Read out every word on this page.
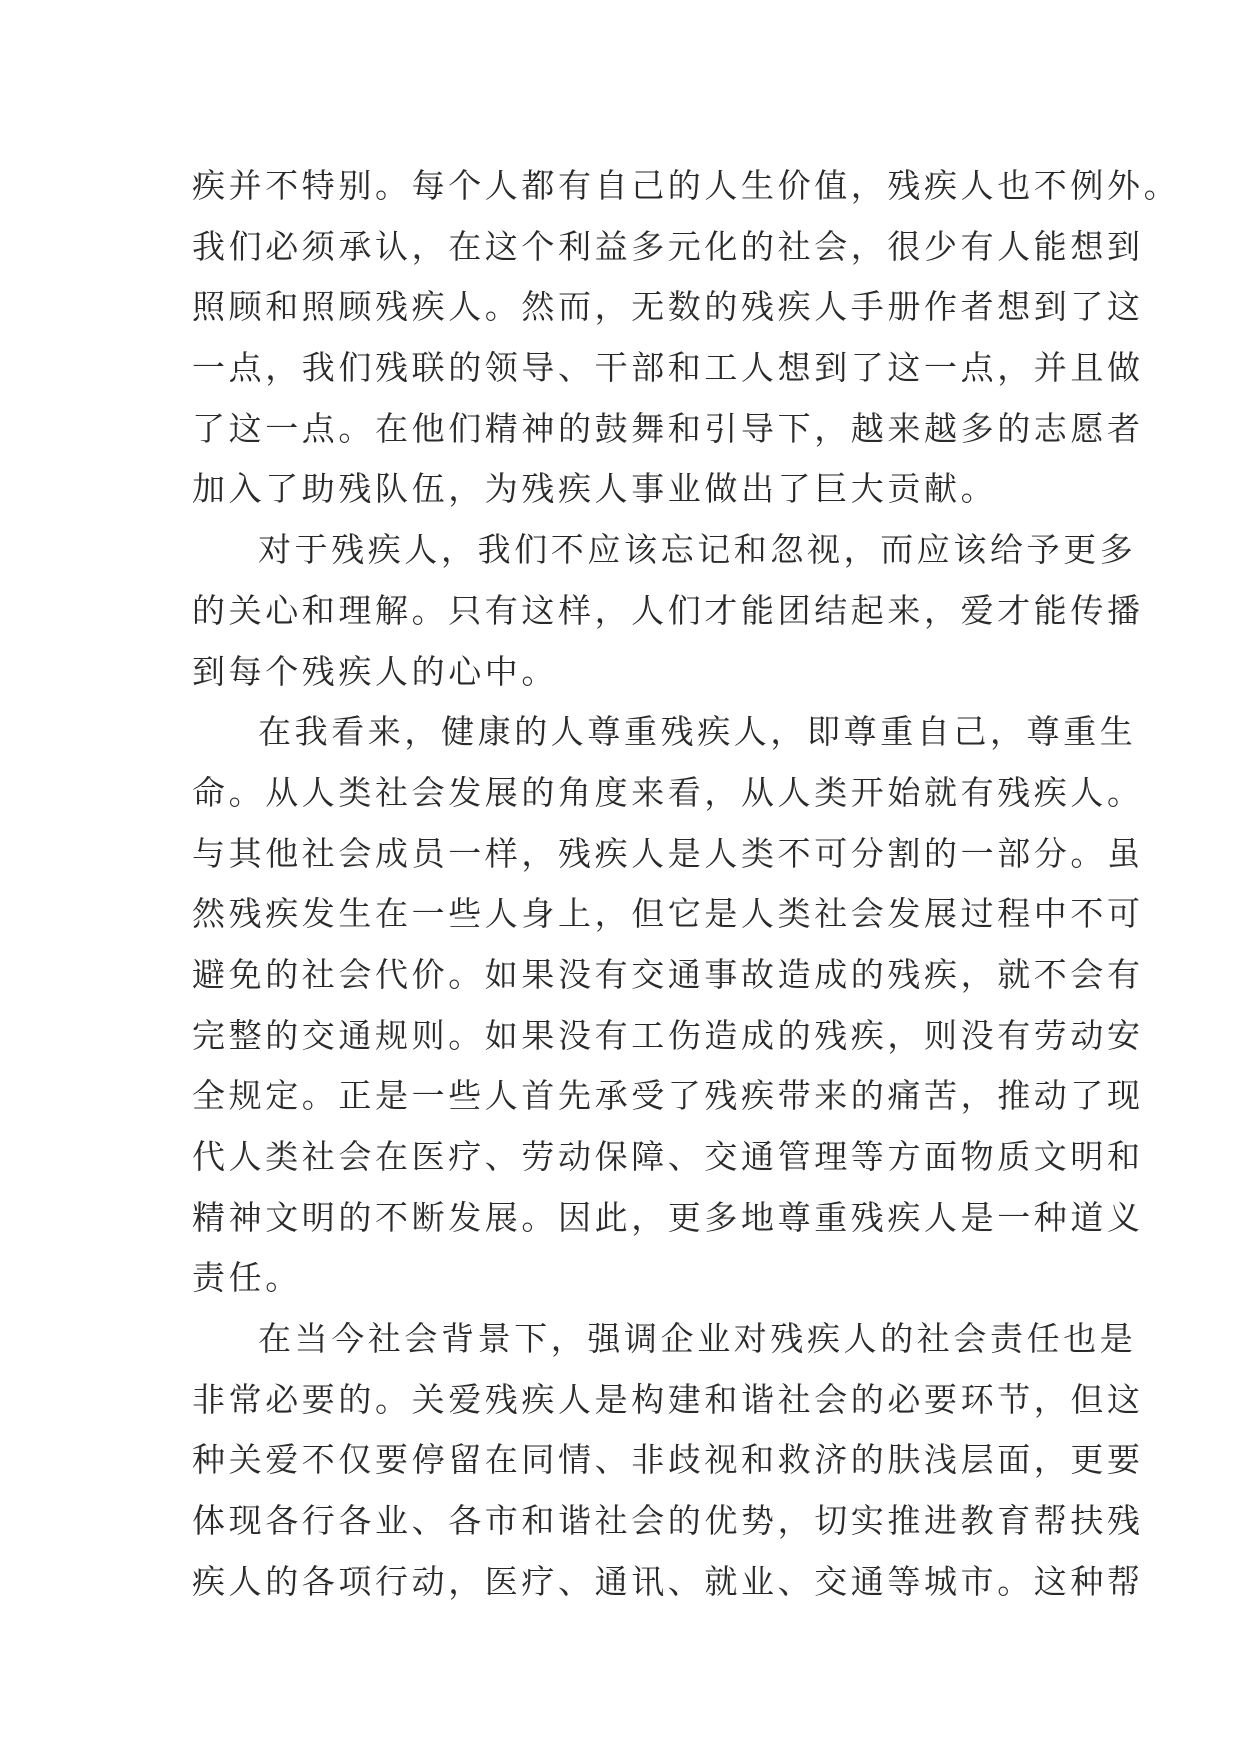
疾并不特别。每个人都有自己的人生价值，残疾人也不例外。
我们必须承认，在这个利益多元化的社会，很少有人能想到
照顾和照顾残疾人。然而，无数的残疾人手册作者想到了这
一点，我们残联的领导、干部和工人想到了这一点，并且做
了这一点。在他们精神的鼓舞和引导下，越来越多的志愿者
加入了助残队伍，为残疾人事业做出了巨大贡献。
对于残疾人，我们不应该忘记和忽视，而应该给予更多
的关心和理解。只有这样，人们才能团结起来，爱才能传播
到每个残疾人的心中。
在我看来，健康的人尊重残疾人，即尊重自己，尊重生
命。从人类社会发展的角度来看，从人类开始就有残疾人。
与其他社会成员一样，残疾人是人类不可分割的一部分。虽
然残疾发生在一些人身上，但它是人类社会发展过程中不可
避免的社会代价。如果没有交通事故造成的残疾，就不会有
完整的交通规则。如果没有工伤造成的残疾，则没有劳动安
全规定。正是一些人首先承受了残疾带来的痛苦，推动了现
代人类社会在医疗、劳动保障、交通管理等方面物质文明和
精神文明的不断发展。因此，更多地尊重残疾人是一种道义
责任。
在当今社会背景下，强调企业对残疾人的社会责任也是
非常必要的。关爱残疾人是构建和谐社会的必要环节，但这
种关爱不仅要停留在同情、非歧视和救济的肤浅层面，更要
体现各行各业、各市和谐社会的优势，切实推进教育帮扶残
疾人的各项行动，医疗、通讯、就业、交通等城市。这种帮
